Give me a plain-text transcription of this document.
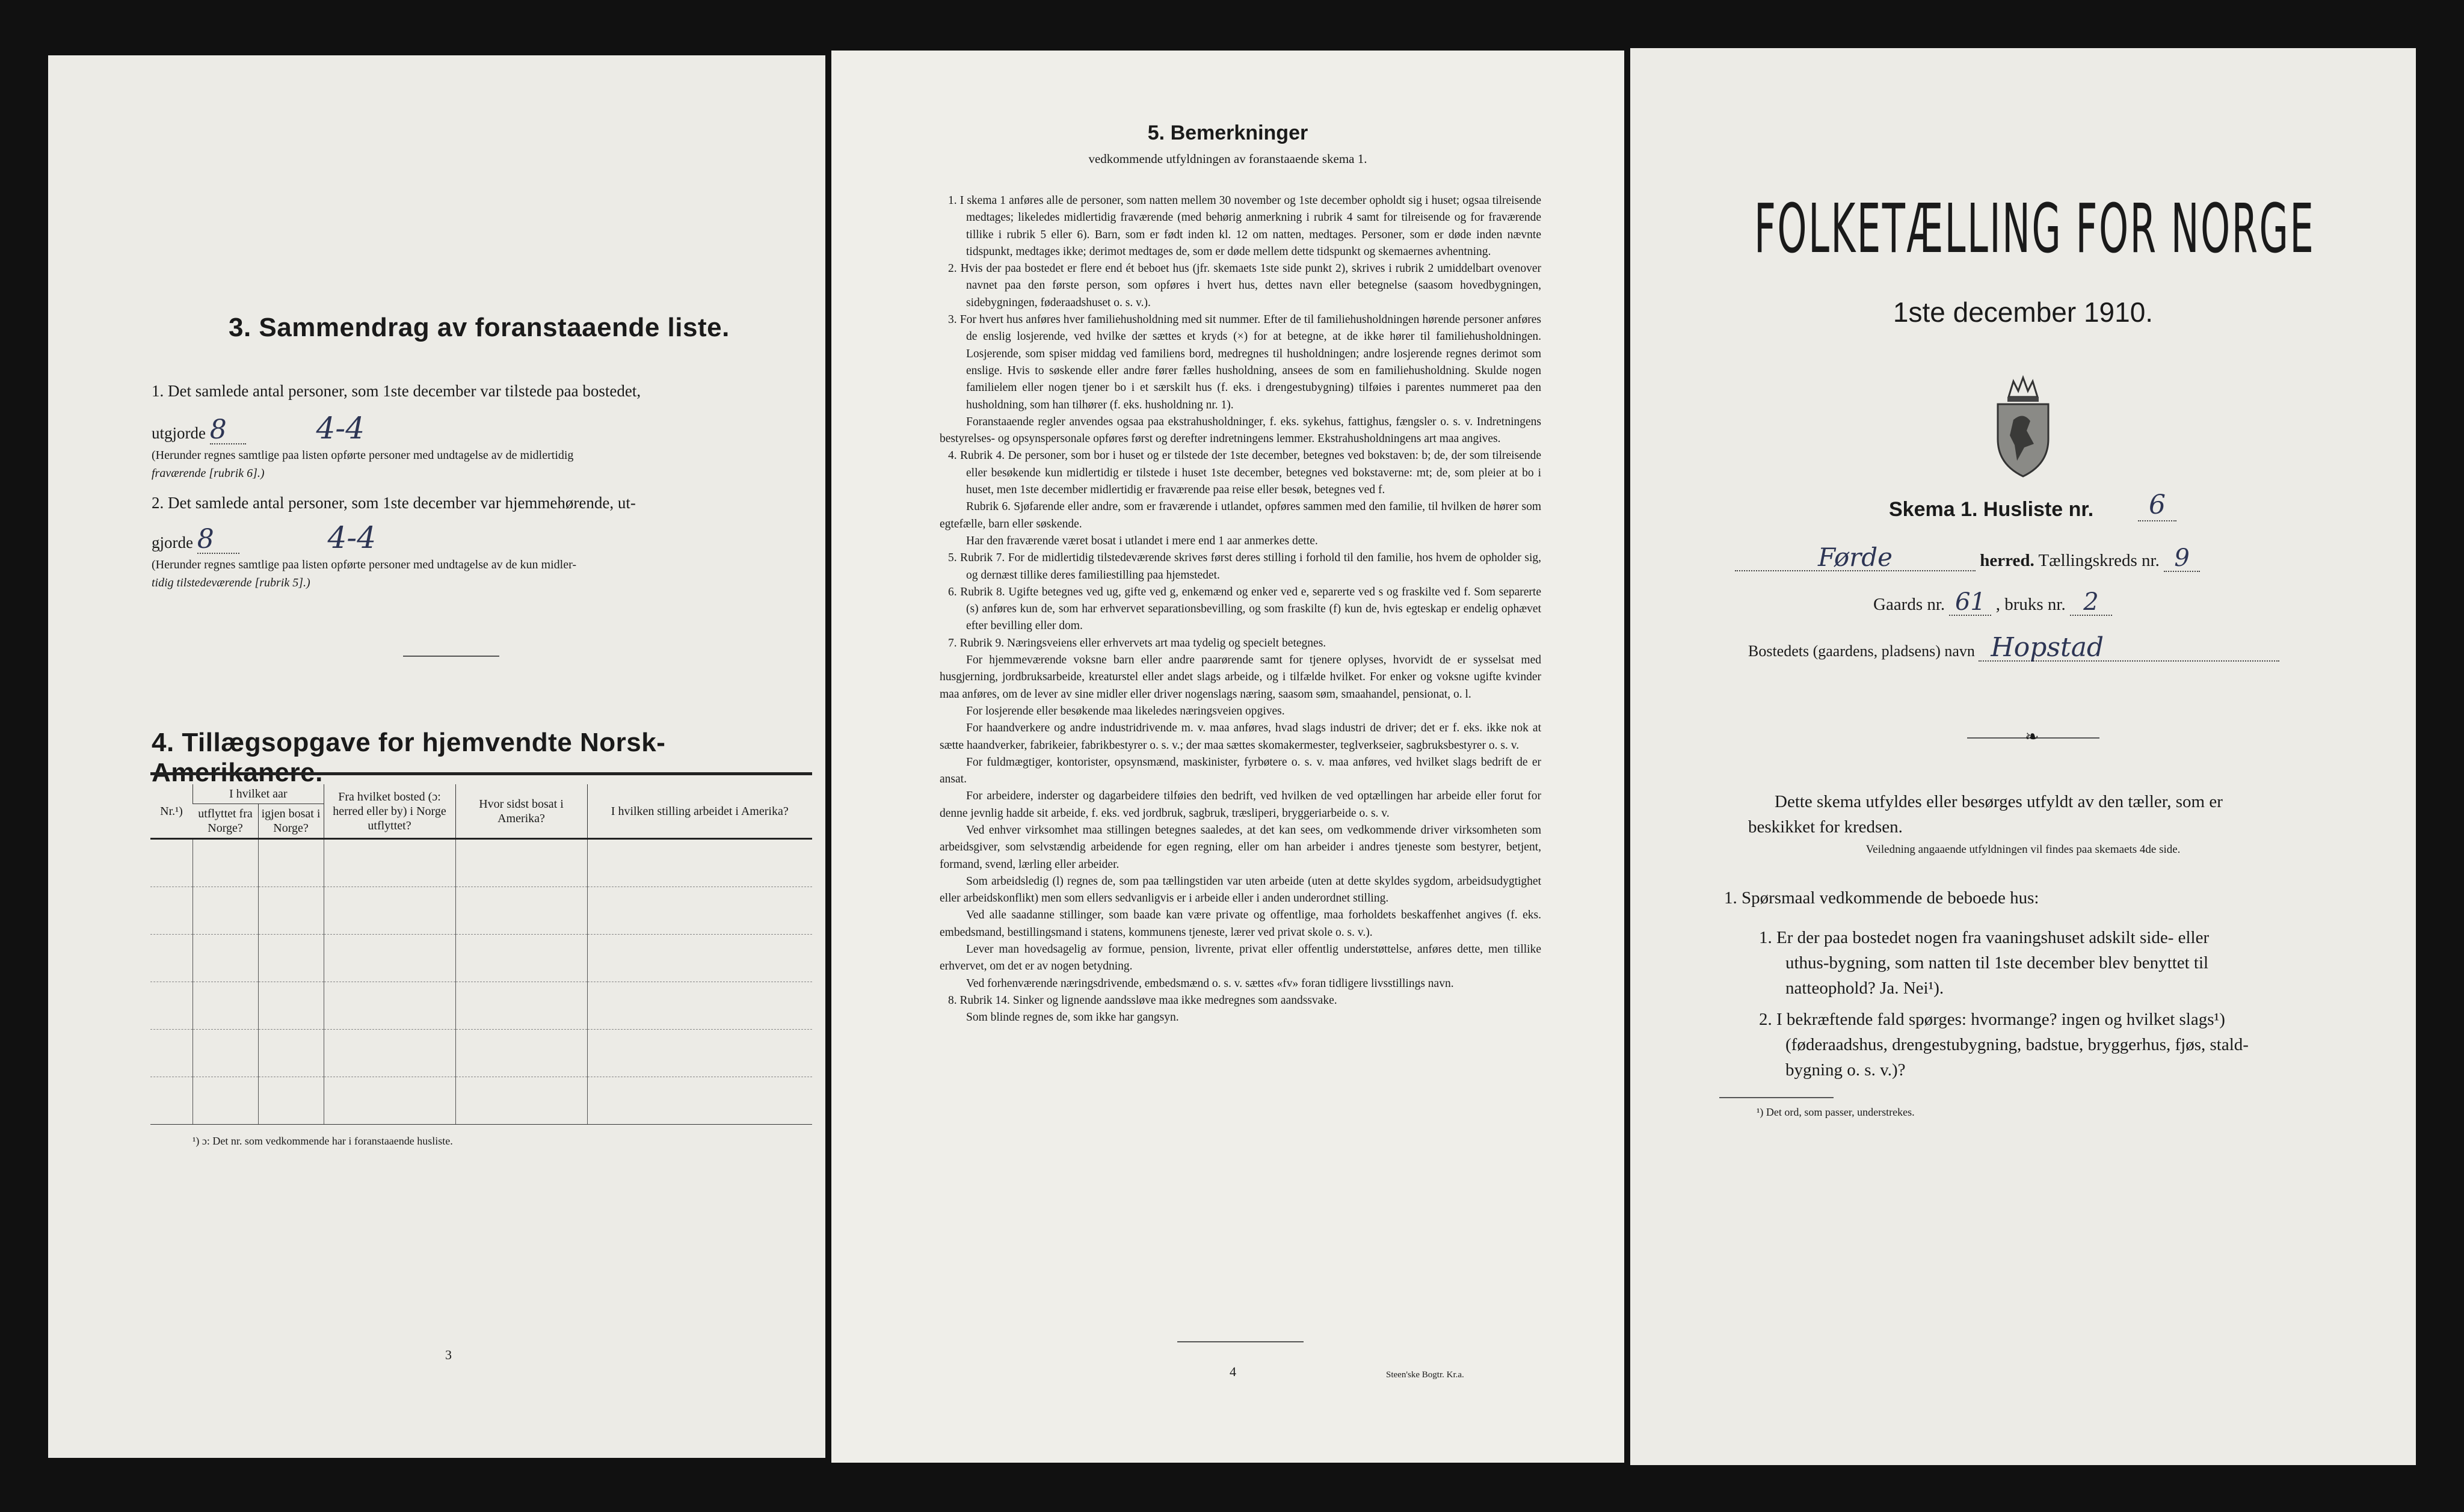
3. Sammendrag av foranstaaende liste.
1. Det samlede antal personer, som 1ste december var tilstede paa bostedet,
utgjorde 8	4-4
(Herunder regnes samtlige paa listen opførte personer med undtagelse av de midlertidig
fraværende [rubrik 6].)
2. Det samlede antal personer, som 1ste december var hjemmehørende, ut-
gjorde 8	4-4
(Herunder regnes samtlige paa listen opførte personer med undtagelse av de kun midler-
tidig tilstedeværende [rubrik 5].)
4. Tillægsopgave for hjemvendte Norsk-Amerikanere.
Nr.¹)	I hvilket aar		Fra hvilket bosted (ɔ: herred eller by) i Norge utflyttet?	Hvor sidst bosat i Amerika?	I hvilken stilling arbeidet i Amerika?
	utflyttet fra Norge?	igjen bosat i Norge?			

¹) ɔ: Det nr. som vedkommende har i foranstaaende husliste.
3
5. Bemerkninger
vedkommende utfyldningen av foranstaaende skema 1.

1. I skema 1 anføres alle de personer, som natten mellem 30 november og 1ste december opholdt sig i huset; ogsaa tilreisende medtages; likeledes midlertidig fraværende (med behørig anmerkning i rubrik 4 samt for tilreisende og for fraværende tillike i rubrik 5 eller 6). Barn, som er født inden kl. 12 om natten, medtages. Personer, som er døde inden nævnte tidspunkt, medtages ikke; derimot medtages de, som er døde mellem dette tidspunkt og skemaernes avhentning.

2. Hvis der paa bostedet er flere end ét beboet hus (jfr. skemaets 1ste side punkt 2), skrives i rubrik 2 umiddelbart ovenover navnet paa den første person, som opføres i hvert hus, dettes navn eller betegnelse (saasom hovedbygningen, sidebygningen, føderaadshuset o. s. v.).

3. For hvert hus anføres hver familiehusholdning med sit nummer. Efter de til familiehusholdningen hørende personer anføres de enslig losjerende, ved hvilke der sættes et kryds (×) for at betegne, at de ikke hører til familiehusholdningen. Losjerende, som spiser middag ved familiens bord, medregnes til husholdningen; andre losjerende regnes derimot som enslige. Hvis to søskende eller andre fører fælles husholdning, ansees de som en familiehusholdning. Skulde nogen familielem eller nogen tjener bo i et særskilt hus (f. eks. i drengestubygning) tilføies i parentes nummeret paa den husholdning, som han tilhører (f. eks. husholdning nr. 1).

Foranstaaende regler anvendes ogsaa paa ekstrahusholdninger, f. eks. sykehus, fattighus, fængsler o. s. v. Indretningens bestyrelses- og opsynspersonale opføres først og derefter indretningens lemmer. Ekstrahusholdningens art maa angives.

4. Rubrik 4. De personer, som bor i huset og er tilstede der 1ste december, betegnes ved bokstaven: b; de, der som tilreisende eller besøkende kun midlertidig er tilstede i huset 1ste december, betegnes ved bokstaverne: mt; de, som pleier at bo i huset, men 1ste december midlertidig er fraværende paa reise eller besøk, betegnes ved f.

Rubrik 6. Sjøfarende eller andre, som er fraværende i utlandet, opføres sammen med den familie, til hvilken de hører som egtefælle, barn eller søskende.

Har den fraværende været bosat i utlandet i mere end 1 aar anmerkes dette.

5. Rubrik 7. For de midlertidig tilstedeværende skrives først deres stilling i forhold til den familie, hos hvem de opholder sig, og dernæst tillike deres familiestilling paa hjemstedet.

6. Rubrik 8. Ugifte betegnes ved ug, gifte ved g, enkemænd og enker ved e, separerte ved s og fraskilte ved f. Som separerte (s) anføres kun de, som har erhvervet separationsbevilling, og som fraskilte (f) kun de, hvis egteskap er endelig ophævet efter bevilling eller dom.

7. Rubrik 9. Næringsveiens eller erhvervets art maa tydelig og specielt betegnes.

For hjemmeværende voksne barn eller andre paarørende samt for tjenere oplyses, hvorvidt de er sysselsat med husgjerning, jordbruksarbeide, kreaturstel eller andet slags arbeide, og i tilfælde hvilket. For enker og voksne ugifte kvinder maa anføres, om de lever av sine midler eller driver nogenslags næring, saasom søm, smaahandel, pensionat, o. l.

For losjerende eller besøkende maa likeledes næringsveien opgives.

For haandverkere og andre industridrivende m. v. maa anføres, hvad slags industri de driver; det er f. eks. ikke nok at sætte haandverker, fabrikeier, fabrikbestyrer o. s. v.; der maa sættes skomakermester, teglverkseier, sagbruksbestyrer o. s. v.

For fuldmægtiger, kontorister, opsynsmænd, maskinister, fyrbøtere o. s. v. maa anføres, ved hvilket slags bedrift de er ansat.

For arbeidere, inderster og dagarbeidere tilføies den bedrift, ved hvilken de ved optællingen har arbeide eller forut for denne jevnlig hadde sit arbeide, f. eks. ved jordbruk, sagbruk, træsliperi, bryggeriarbeide o. s. v.

Ved enhver virksomhet maa stillingen betegnes saaledes, at det kan sees, om vedkommende driver virksomheten som arbeidsgiver, som selvstændig arbeidende for egen regning, eller om han arbeider i andres tjeneste som bestyrer, betjent, formand, svend, lærling eller arbeider.

Som arbeidsledig (l) regnes de, som paa tællingstiden var uten arbeide (uten at dette skyldes sygdom, arbeidsudygtighet eller arbeidskonflikt) men som ellers sedvanligvis er i arbeide eller i anden underordnet stilling.

Ved alle saadanne stillinger, som baade kan være private og offentlige, maa forholdets beskaffenhet angives (f. eks. embedsmand, bestillingsmand i statens, kommunens tjeneste, lærer ved privat skole o. s. v.).

Lever man hovedsagelig av formue, pension, livrente, privat eller offentlig understøttelse, anføres dette, men tillike erhvervet, om det er av nogen betydning.

Ved forhenværende næringsdrivende, embedsmænd o. s. v. sættes «fv» foran tidligere livsstillings navn.

8. Rubrik 14. Sinker og lignende aandssløve maa ikke medregnes som aandssvake.

Som blinde regnes de, som ikke har gangsyn.

4	Steen'ske Bogtr. Kr.a.
FOLKETÆLLING FOR NORGE
1ste december 1910.
Skema 1. Husliste nr.	6
Førde	herred. Tællingskreds nr. 9
Gaards nr. 61 , bruks nr. 2
Bostedets (gaardens, pladsens) navn Hopstad
❧
Dette skema utfyldes eller besørges utfyldt av den tæller, som er
beskikket for kredsen.
Veiledning angaaende utfyldningen vil findes paa skemaets 4de side.
1. Spørsmaal vedkommende de beboede hus:
1. Er der paa bostedet nogen fra vaaningshuset adskilt side- eller
uthus-bygning, som natten til 1ste december blev benyttet til
natteophold? Ja. Nei¹).
2. I bekræftende fald spørges: hvormange? ingen og hvilket slags¹)
(føderaadshus, drengestubygning, badstue, bryggerhus, fjøs, stald-
bygning o. s. v.)?
¹) Det ord, som passer, understrekes.
